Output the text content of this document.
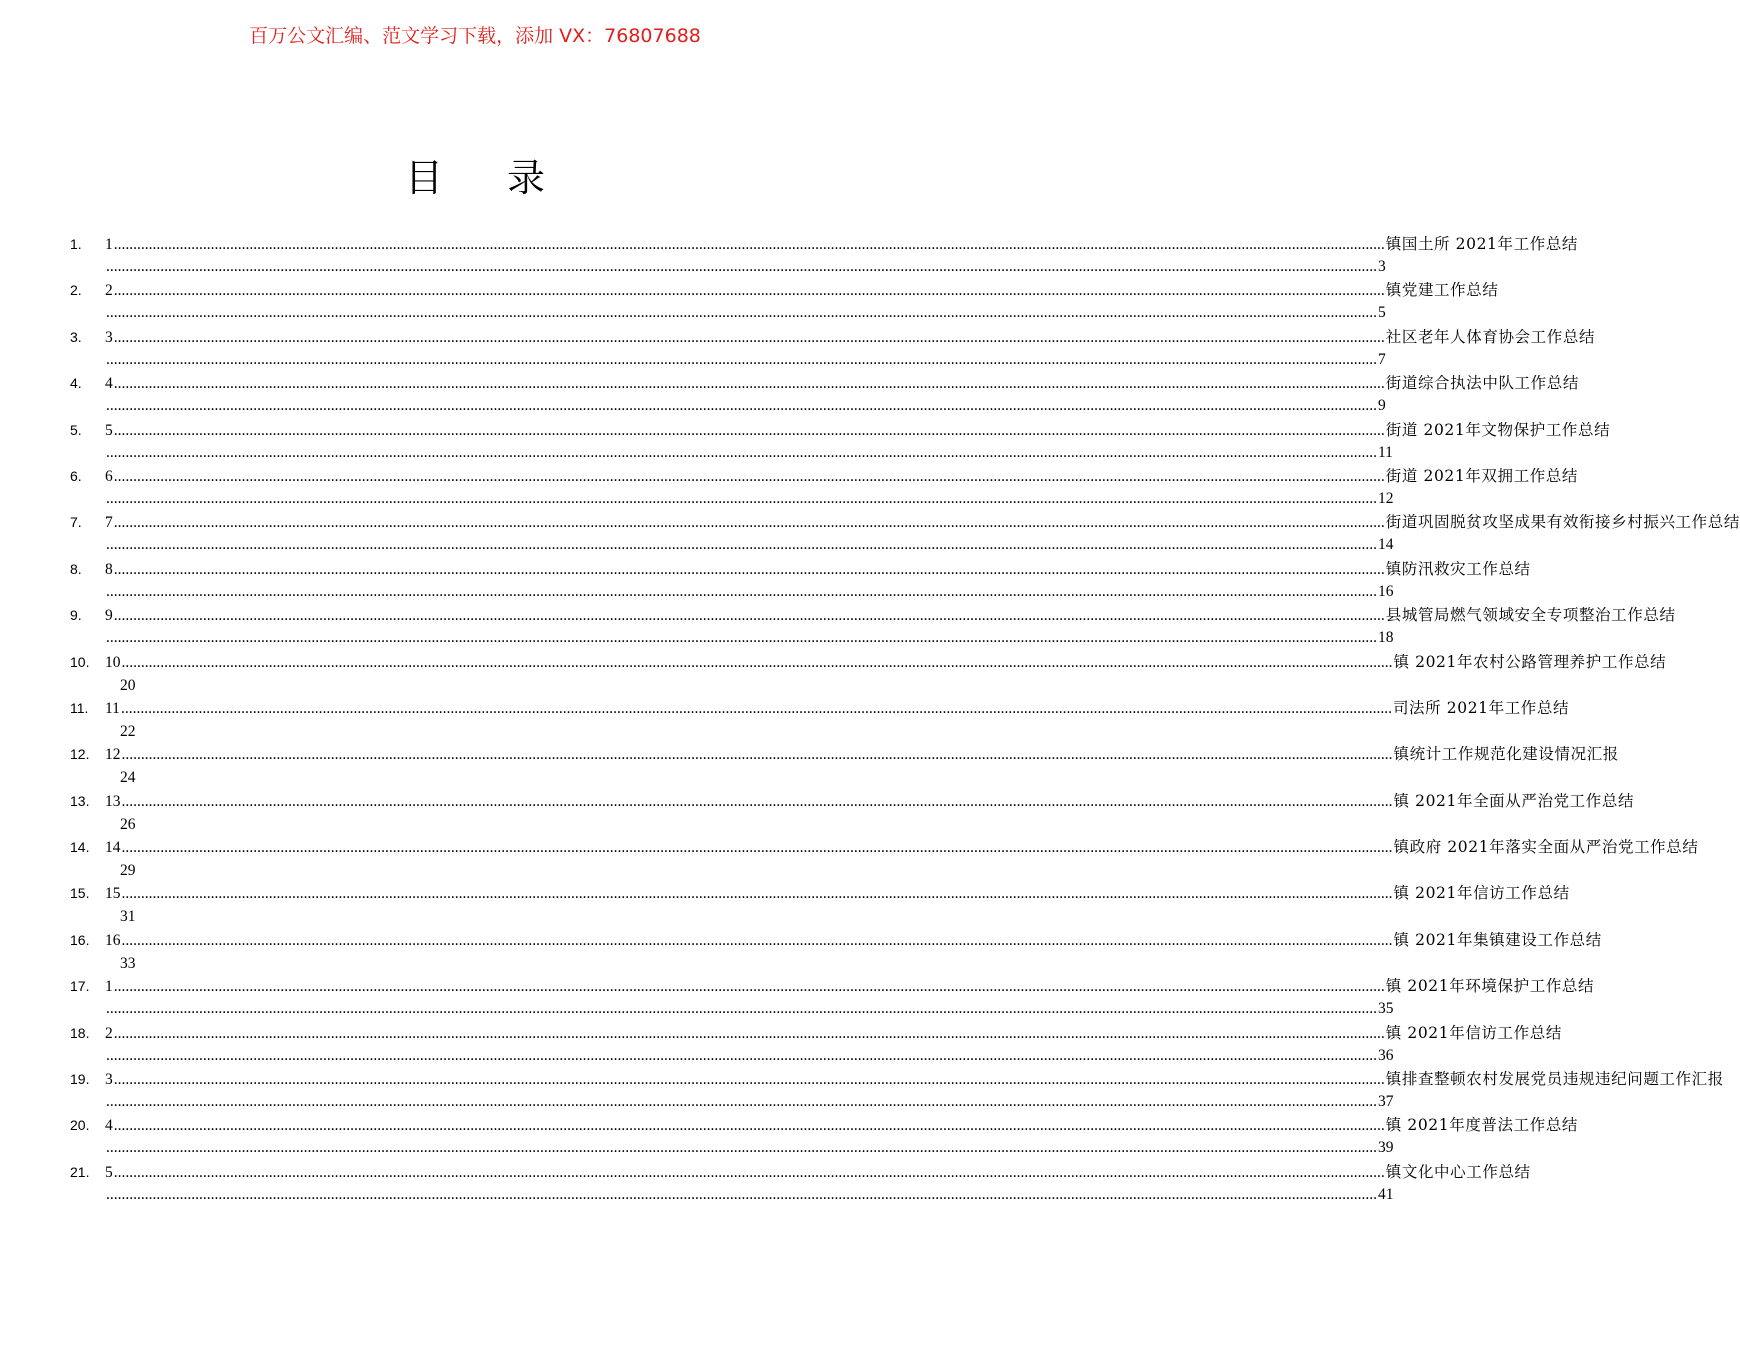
百万公文汇编、范文学习下载，添加 VX：76807688
目 录
1.	1 ........................................................................................................................................................................................................................................................................................................................................ 镇国土所 2021年工作总结
........................................................................................................................................................................................................................................................................................................................................ 3
2.	2 ........................................................................................................................................................................................................................................................................................................................................ 镇党建工作总结
........................................................................................................................................................................................................................................................................................................................................ 5
3.	3 ........................................................................................................................................................................................................................................................................................................................................ 社区老年人体育协会工作总结
........................................................................................................................................................................................................................................................................................................................................ 7
4.	4 ........................................................................................................................................................................................................................................................................................................................................ 街道综合执法中队工作总结
........................................................................................................................................................................................................................................................................................................................................ 9
5.	5 ........................................................................................................................................................................................................................................................................................................................................ 街道 2021年文物保护工作总结
........................................................................................................................................................................................................................................................................................................................................ 11
6.	6 ........................................................................................................................................................................................................................................................................................................................................ 街道 2021年双拥工作总结
........................................................................................................................................................................................................................................................................................................................................ 12
7.	7 ........................................................................................................................................................................................................................................................................................................................................ 街道巩固脱贫攻坚成果有效衔接乡村振兴工作总结
........................................................................................................................................................................................................................................................................................................................................ 14
8.	8 ........................................................................................................................................................................................................................................................................................................................................ 镇防汛救灾工作总结
........................................................................................................................................................................................................................................................................................................................................ 16
9.	9 ........................................................................................................................................................................................................................................................................................................................................ 县城管局燃气领域安全专项整治工作总结
........................................................................................................................................................................................................................................................................................................................................ 18
10.	10 ........................................................................................................................................................................................................................................................................................................................................ 镇 2021年农村公路管理养护工作总结
20
11.	11 ........................................................................................................................................................................................................................................................................................................................................ 司法所 2021年工作总结
22
12.	12 ........................................................................................................................................................................................................................................................................................................................................ 镇统计工作规范化建设情况汇报
24
13.	13 ........................................................................................................................................................................................................................................................................................................................................ 镇 2021年全面从严治党工作总结
26
14.	14 ........................................................................................................................................................................................................................................................................................................................................ 镇政府 2021年落实全面从严治党工作总结
29
15.	15 ........................................................................................................................................................................................................................................................................................................................................ 镇 2021年信访工作总结
31
16.	16 ........................................................................................................................................................................................................................................................................................................................................ 镇 2021年集镇建设工作总结
33
17.	1 ........................................................................................................................................................................................................................................................................................................................................ 镇 2021年环境保护工作总结
........................................................................................................................................................................................................................................................................................................................................ 35
18.	2 ........................................................................................................................................................................................................................................................................................................................................ 镇 2021年信访工作总结
........................................................................................................................................................................................................................................................................................................................................ 36
19.	3 ........................................................................................................................................................................................................................................................................................................................................ 镇排查整顿农村发展党员违规违纪问题工作汇报
........................................................................................................................................................................................................................................................................................................................................ 37
20.	4 ........................................................................................................................................................................................................................................................................................................................................ 镇 2021年度普法工作总结
........................................................................................................................................................................................................................................................................................................................................ 39
21.	5 ........................................................................................................................................................................................................................................................................................................................................ 镇文化中心工作总结
........................................................................................................................................................................................................................................................................................................................................ 41
